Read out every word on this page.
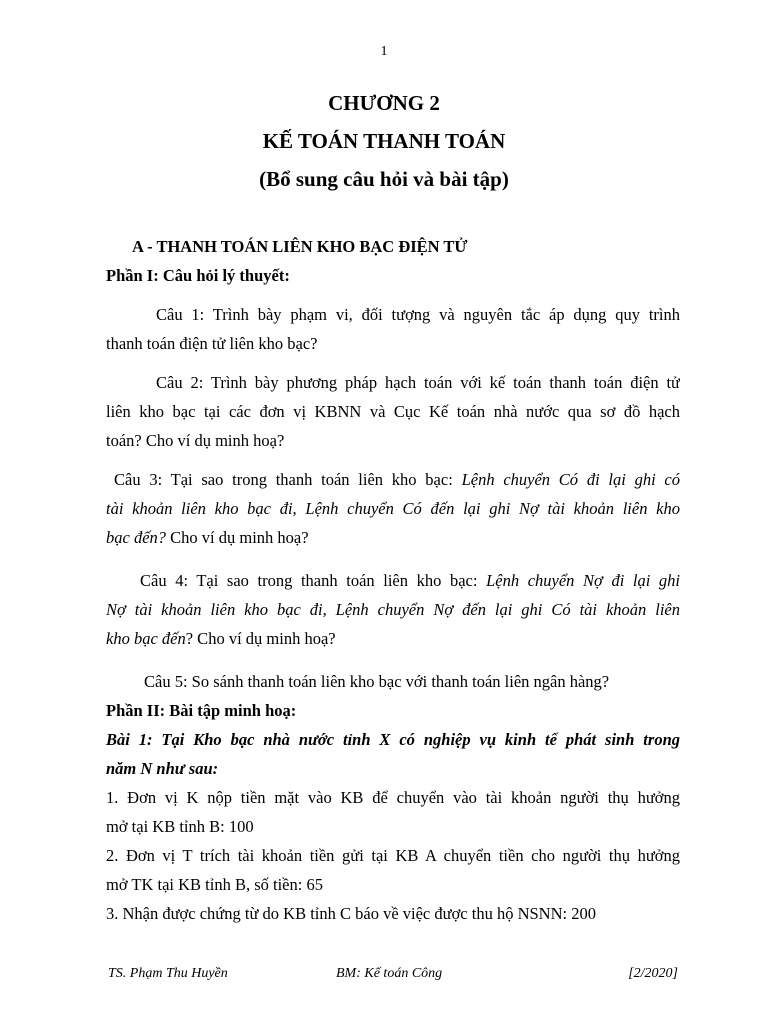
1
CHƯƠNG 2
KẾ TOÁN THANH TOÁN
(Bổ sung câu hỏi và bài tập)
A - THANH TOÁN LIÊN KHO BẠC ĐIỆN TỬ
Phần I: Câu hỏi lý thuyết:
Câu 1: Trình bày phạm vi, đối tượng và nguyên tắc áp dụng quy trình
thanh toán điện tử liên kho bạc?
Câu 2: Trình bày phương pháp hạch toán với kế toán thanh toán điện tử
liên kho bạc tại các đơn vị KBNN và Cục Kế toán nhà nước qua sơ đồ hạch
toán? Cho ví dụ minh hoạ?
Câu 3: Tại sao trong thanh toán liên kho bạc: Lệnh chuyển Có đi lại ghi có
tài khoản liên kho bạc đi, Lệnh chuyển Có đến lại ghi Nợ tài khoản liên kho
bạc đến? Cho ví dụ minh hoạ?
Câu 4: Tại sao trong thanh toán liên kho bạc: Lệnh chuyển Nợ đi lại ghi
Nợ tài khoản liên kho bạc đi, Lệnh chuyển Nợ đến lại ghi Có tài khoản liên
kho bạc đến? Cho ví dụ minh hoạ?
Câu 5: So sánh thanh toán liên kho bạc với thanh toán liên ngân hàng?
Phần II: Bài tập minh hoạ:
Bài 1: Tại Kho bạc nhà nước tỉnh X có nghiệp vụ kinh tế phát sinh trong
năm N như sau:
1. Đơn vị K nộp tiền mặt vào KB để chuyển vào tài khoản người thụ hưởng
mở tại KB tỉnh B: 100
2. Đơn vị T trích tài khoản tiền gửi tại KB A chuyển tiền cho người thụ hưởng
mở TK tại KB tỉnh B, số tiền: 65
3. Nhận được chứng từ do KB tỉnh C báo về việc được thu hộ NSNN: 200
TS. Phạm Thu Huyền	BM: Kế toán Công	[2/2020]
